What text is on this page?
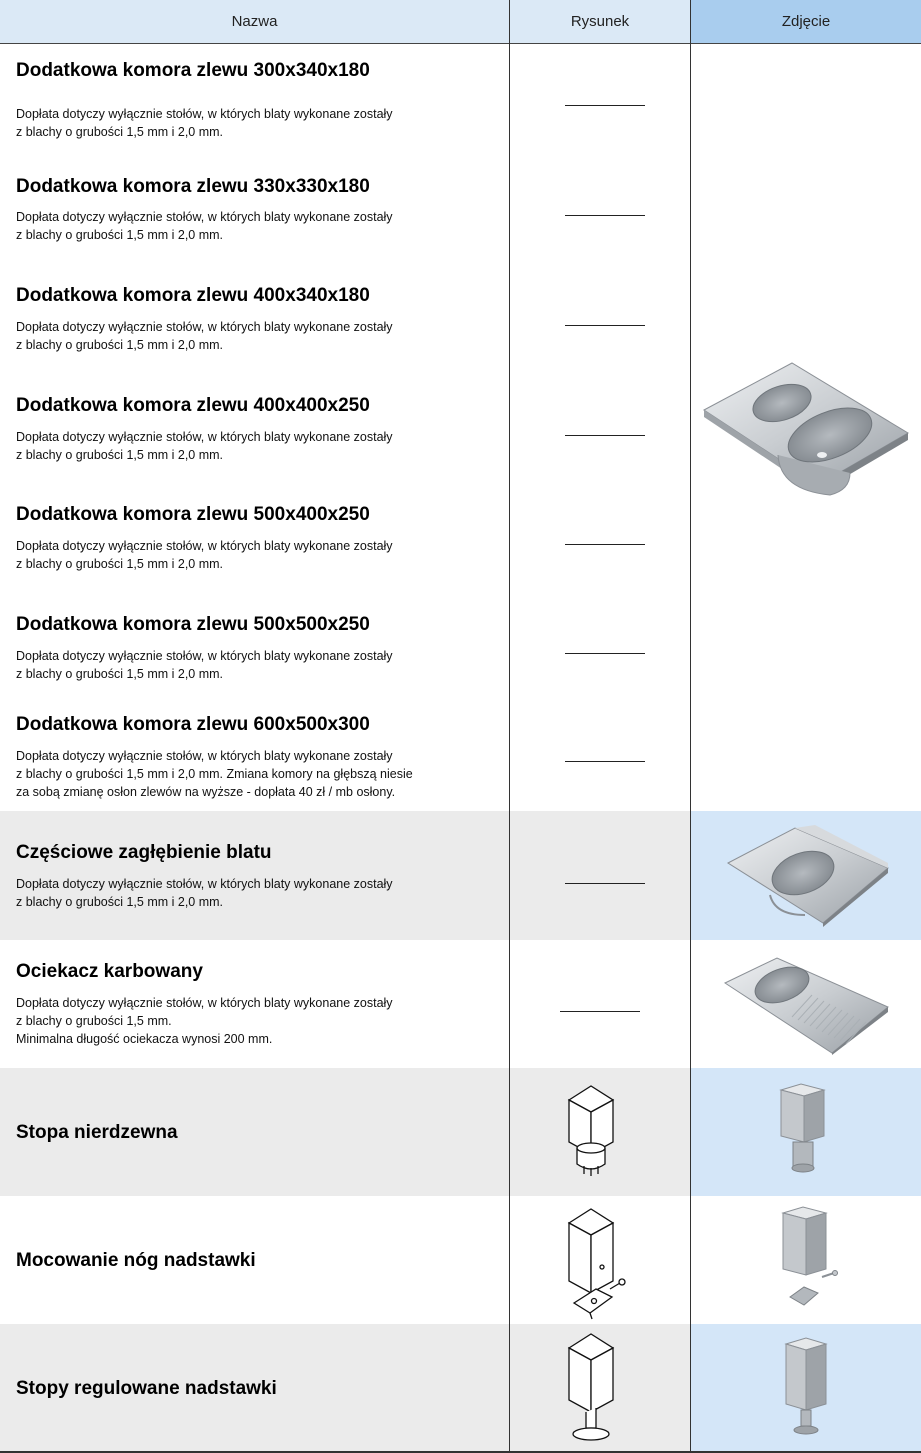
Nazwa	Rysunek	Zdjęcie
Dodatkowa komora zlewu 300x340x180
Dopłata dotyczy wyłącznie stołów, w których blaty wykonane zostały
z blachy o grubości 1,5 mm i 2,0 mm.
Dodatkowa komora zlewu 330x330x180
Dopłata dotyczy wyłącznie stołów, w których blaty wykonane zostały
z blachy o grubości 1,5 mm i 2,0 mm.
Dodatkowa komora zlewu 400x340x180
Dopłata dotyczy wyłącznie stołów, w których blaty wykonane zostały
z blachy o grubości 1,5 mm i 2,0 mm.
Dodatkowa komora zlewu 400x400x250
Dopłata dotyczy wyłącznie stołów, w których blaty wykonane zostały
z blachy o grubości 1,5 mm i 2,0 mm.
Dodatkowa komora zlewu 500x400x250
Dopłata dotyczy wyłącznie stołów, w których blaty wykonane zostały
z blachy o grubości 1,5 mm i 2,0 mm.
Dodatkowa komora zlewu 500x500x250
Dopłata dotyczy wyłącznie stołów, w których blaty wykonane zostały
z blachy o grubości 1,5 mm i 2,0 mm.
Dodatkowa komora zlewu 600x500x300
Dopłata dotyczy wyłącznie stołów, w których blaty wykonane zostały
z blachy o grubości 1,5 mm i 2,0 mm. Zmiana komory na głębszą niesie
za sobą zmianę osłon zlewów na wyższe - dopłata 40 zł / mb osłony.
Częściowe zagłębienie blatu
Dopłata dotyczy wyłącznie stołów, w których blaty wykonane zostały
z blachy o grubości 1,5 mm i 2,0 mm.
Ociekacz karbowany
Dopłata dotyczy wyłącznie stołów, w których blaty wykonane zostały
z blachy o grubości 1,5 mm.
Minimalna długość ociekacza wynosi 200 mm.
Stopa nierdzewna
Mocowanie nóg nadstawki
Stopy regulowane nadstawki
